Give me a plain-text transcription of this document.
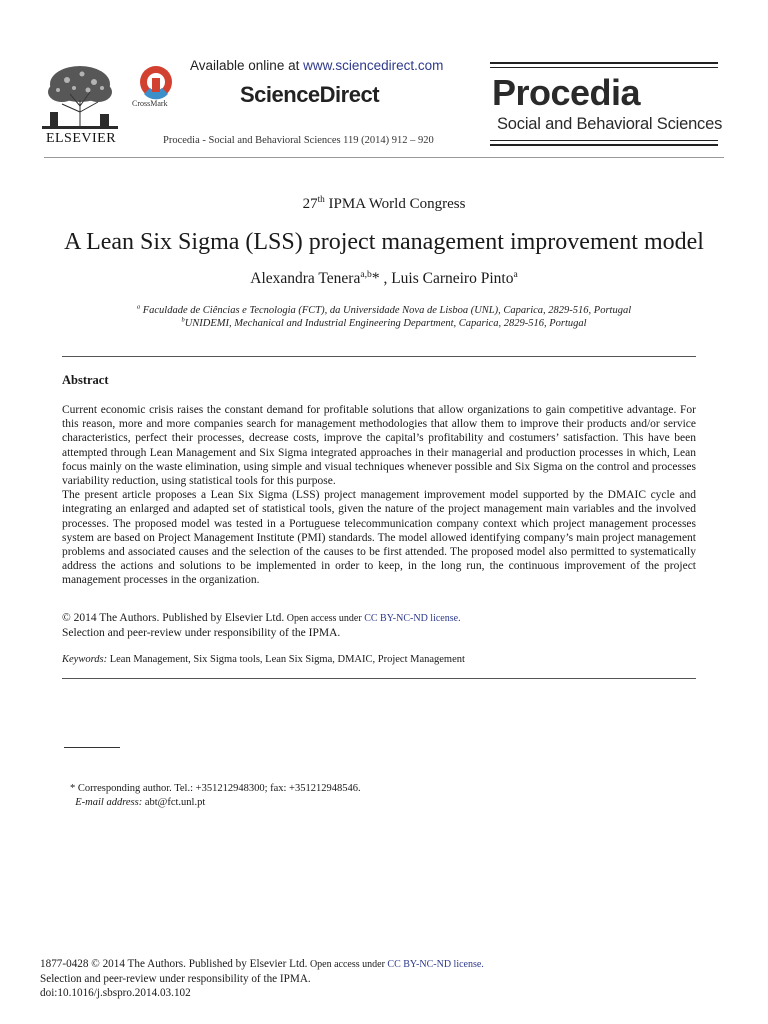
ELSEVIER
CrossMark
Available online at www.sciencedirect.com
ScienceDirect
Procedia - Social and Behavioral Sciences 119 (2014) 912 – 920
Procedia
Social and Behavioral Sciences
27th IPMA World Congress
A Lean Six Sigma (LSS) project management improvement model
Alexandra Tenera$^{a,b}$* , Luis Carneiro Pinto$^a$
$^a$ Faculdade de Ciências e Tecnologia (FCT), da Universidade Nova de Lisboa (UNL), Caparica, 2829-516, Portugal
$^b$UNIDEMI, Mechanical and Industrial Engineering Department, Caparica, 2829-516, Portugal
Abstract

Current economic crisis raises the constant demand for profitable solutions that allow organizations to gain competitive advantage. For this reason, more and more companies search for management methodologies that allow them to improve their products and/or service characteristics, perfect their processes, decrease costs, improve the capital’s profitability and costumers’ satisfaction. This have been attempted through Lean Management and Six Sigma integrated approaches in their managerial and production processes in which, Lean focus mainly on the waste elimination, using simple and visual techniques whenever possible and Six Sigma on the control and processes variability reduction, using statistical tools for this purpose.

The present article proposes a Lean Six Sigma (LSS) project management improvement model supported by the DMAIC cycle and integrating an enlarged and adapted set of statistical tools, given the nature of the project management main variables and the involved processes. The proposed model was tested in a Portuguese telecommunication company context which project management processes system are based on Project Management Institute (PMI) standards. The model allowed identifying company’s main project management problems and associated causes and the selection of the causes to be first attended. The proposed model also permitted to systematically address the actions and solutions to be implemented in order to keep, in the long run, the continuous improvement of the project management processes in the organization.

© 2014 The Authors. Published by Elsevier Ltd. Open access under CC BY-NC-ND license.
Selection and peer-review under responsibility of the IPMA.
Keywords: Lean Management, Six Sigma tools, Lean Six Sigma, DMAIC, Project Management
* Corresponding author. Tel.: +351212948300; fax: +351212948546.
E-mail address: abt@fct.unl.pt
1877-0428 © 2014 The Authors. Published by Elsevier Ltd. Open access under CC BY-NC-ND license.
Selection and peer-review under responsibility of the IPMA.
doi:10.1016/j.sbspro.2014.03.102
